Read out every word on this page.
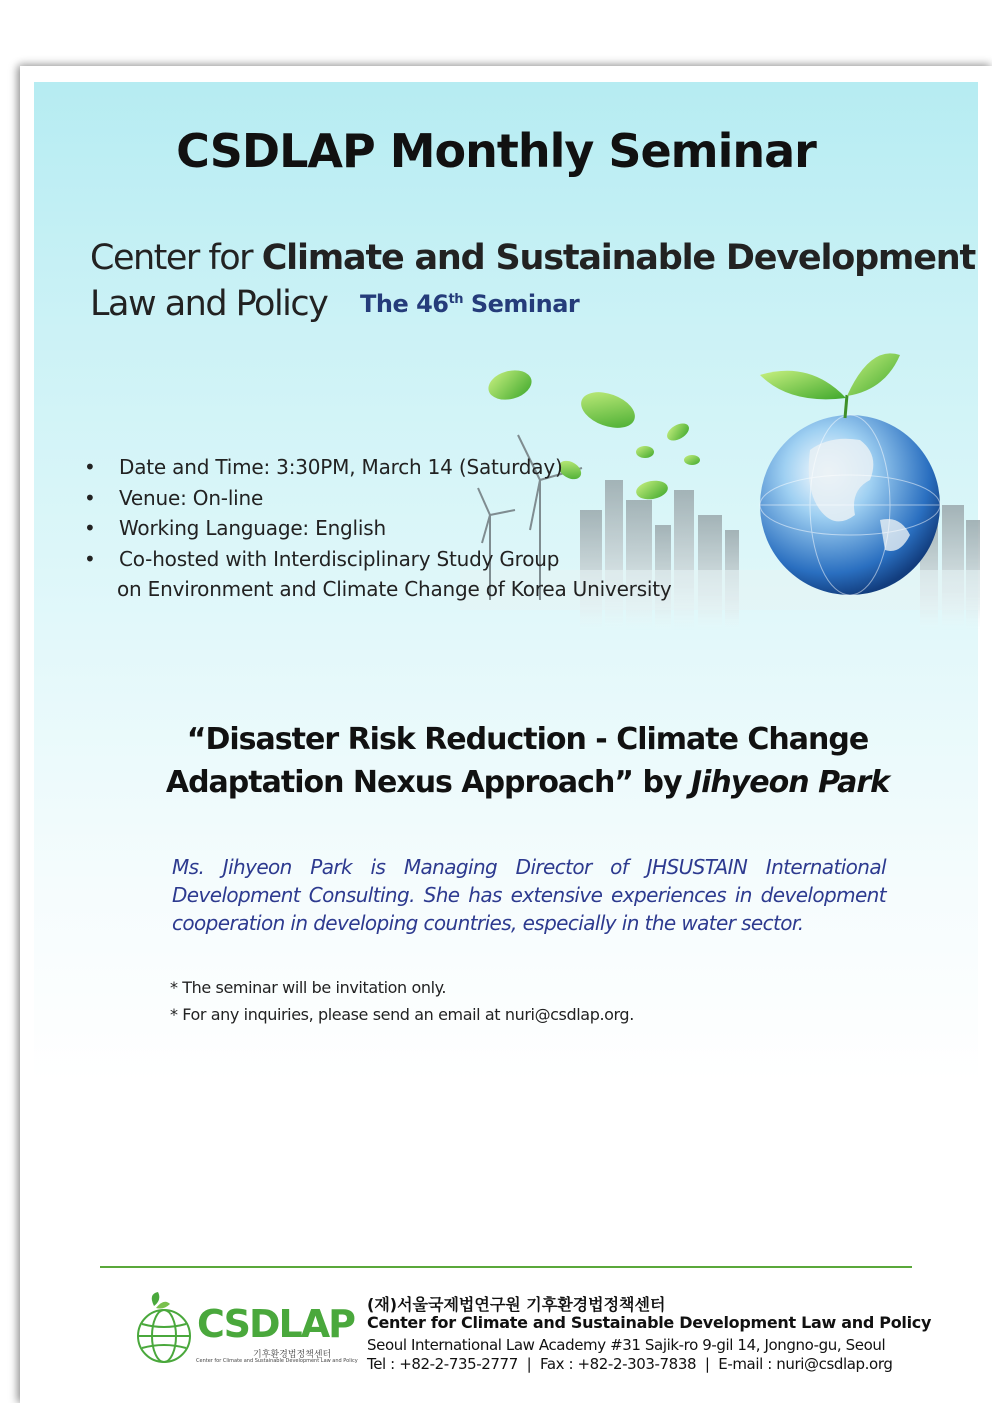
CSDLAP Monthly Seminar
Center for Climate and Sustainable Development
Law and Policy The 46th Seminar
• Date and Time: 3:30PM, March 14 (Saturday)
• Venue: On-line
• Working Language: English
• Co-hosted with Interdisciplinary Study Group
on Environment and Climate Change of Korea University
“Disaster Risk Reduction - Climate Change
Adaptation Nexus Approach” by Jihyeon Park
Ms. Jihyeon Park is Managing Director of JHSUSTAIN International Development Consulting. She has extensive experiences in development cooperation in developing countries, especially in the water sector.
* The seminar will be invitation only.
* For any inquiries, please send an email at nuri@csdlap.org.
CSDLAP
기후환경법정책센터
Center for Climate and Sustainable Development Law and Policy
(재)서울국제법연구원 기후환경법정책센터
Center for Climate and Sustainable Development Law and Policy
Seoul International Law Academy #31 Sajik-ro 9-gil 14, Jongno-gu, Seoul
Tel : +82-2-735-2777  |  Fax : +82-2-303-7838  |  E-mail : nuri@csdlap.org
